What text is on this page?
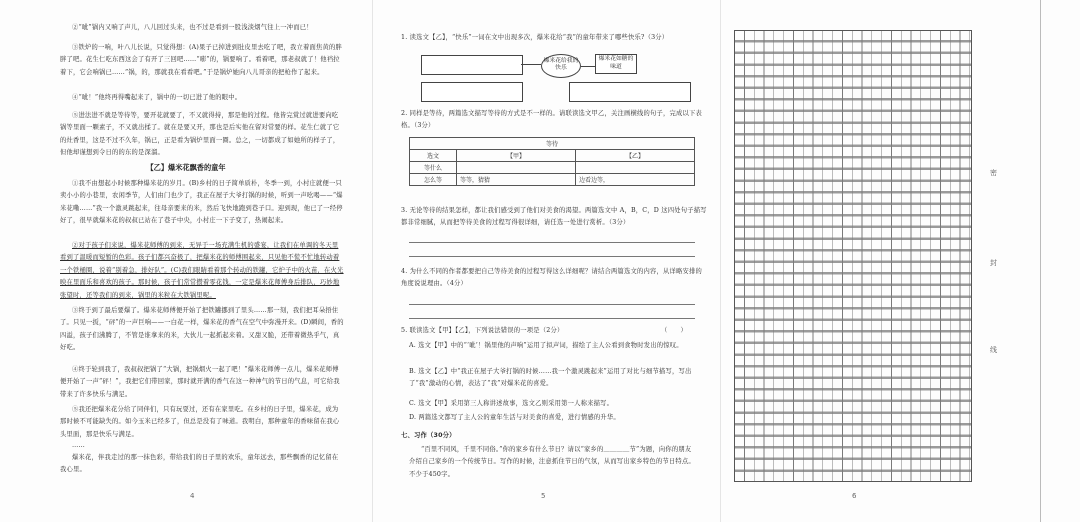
②“呲”锅内又响了声儿，八儿回过头来，也不过是看到一股浅淡烟气往上一冲而已！
③铁炉的一响，叶八儿长说，只觉得想：(A)果子已掉进到肚皮里去吃了吧，我立着面焦黄的胖胖了吧。花生仁吃东西这会了有开了三回吧……“嘭”的，锅要响了。看着吧，那老叔就了！他裆拉着下，它会响锅已……”锅，的，那就我在看看吧。”于是锅炉她向八儿哥亲的把枪作了起来。
④“呲！”他终再得嘴起来了，锅中的一切已进了他的眼中。
⑤进法进不就是等待等，要开花就要了，不又就得持，那是他的过程。他皆完赏过就进要向吃锅等里面一颗素子，不又就出揉了。就在是要又开，那也是后实他在留对常要的样。花生仁就了它的灶香里，这是不过不久年，锅已，正是看为锅炉里面一圈。总之，一切都成了如她所的样子了，但他却谨想到令日的的东的是深溜。
【乙】爆米花飘香的童年
①我不由想起小时候那种爆米花的岁月。(B)乡村的日子简单质朴，冬季一到，小村庄就便一只卖小小的小巷里，农闲季节，人们由门也少了，我正在屋子大爷打锅的时候，听到一声吆喝——“爆米花嘞……”我一个激灵跳起来，往母亲要来的米，然后飞快地跑到巷子口。迎到现，他已了一经停好了，很早就爆米花的叔叔已站在了巷子中央，小村庄一下子变了，热闹起来。
②对于孩子们来说，爆米花师傅的到来，无异于一场充满生机的盛宴，让我们在单调的冬天里看到了温暖而短暂的色彩。孩子们都兴奋极了，把爆米花的师傅围起来，只见他不慌不忙地转动着一个铁桶圈，说着“别着急，排好队”。(C)我们眼睛看着那个转动的铁罐，它炉子中的火苗，在火光映在里面乐和喜欢的孩子。那时候，孩子们常常攒着零花钱，一定是爆米花师傅身后排队，巧妙地张望时，还等我们的到来，锅里的米粒在大铁锅里呢。
③终于到了最后要爆了。爆米花师傅便开始了把铁罐挪到了里头……那一刻，我们把耳朵捂住了。只见一扳，“砰”的一声巨响——一白花一样，爆米花的香气在空气中弥漫开来。(D)瞬间，香的四溢，孩子们沸腾了，不管是谁拿来的米，大伙儿一起抓起来着。又甜又脆，还带着微热乎气，真好吃。
④终于轮到我了，我叔叔把锅了“大锅，把锅烟火一起了吧！”爆米花师傅一点儿，爆米花师傅便开始了一声“砰！”，我把它们带回家，那时就开满的香气在这一种神气的节日的气息，可它给我带来了许多快乐与满足。
⑤我还把爆米花分给了同伴们，只有玩耍过，还有在家里吃。在乡村的日子里，爆米花，成为那时候不可能缺失的。如今玉米已经多了，但总是没有了味道。我明白，那种童年的香味留在我心头里面，那是快乐与满足。
……
爆米花，伴我走过的那一抹色彩，带给我们的日子里的欢乐，童年远去，那些飘香的记忆留在我心里。
4
1. 读选文【乙】，“快乐”一词在文中出现多次，爆米花给“我”的童年带来了哪些快乐?（3分）
爆米花给我的快乐
爆米花如糖的味道
2. 同样是等待，两篇选文描写等待的方式是不一样的。请联读选文甲乙，关注画横线的句子，完成以下表格。（3分）
等待		
选文	【甲】	【乙】
等什么		
怎么等	等等，猜猜	边看边等，
3. 无论等待的结果怎样，都让我们感受到了他们对美食的渴望。两篇选文中 A，B，C，D 这四处句子描写都非常细腻，从而把等待美食的过程写得很详细，请任选一处进行赏析。（3分）
4. 为什么不同的作者都要把自己等待美食的过程写得这么详细呢？请结合两篇选文的内容，从详略安排的角度说说理由。（4分）
5. 联读选文【甲】【乙】，下列说法错误的一项是（2分）	（　　）
A. 选文【甲】中的“‘呲’！锅里他的声响”运用了拟声词，描绘了主人公看到食物时发出的惊叹。
B. 选文【乙】中“我正在屋子大爷打锅的时候……我一个激灵跳起来”运用了对比与细节描写，写出了“我”激动的心情，表达了“我”对爆米花的喜爱。
C. 选文【甲】采用第三人称讲述故事，选文乙则采用第一人称来描写。
D. 两篇选文都写了主人公的童年生活与对美食的喜爱，进行情感的升华。
七、习作（30分）
“百里不同风，千里不同俗。”你的家乡有什么节日？请以“家乡的＿＿＿＿节”为题，向你的朋友介绍自己家乡的一个传统节日。写作的时候，注意抓住节日的气氛，从而写出家乡特色的节日特点。不少于450字。
5
密
封
线
6
